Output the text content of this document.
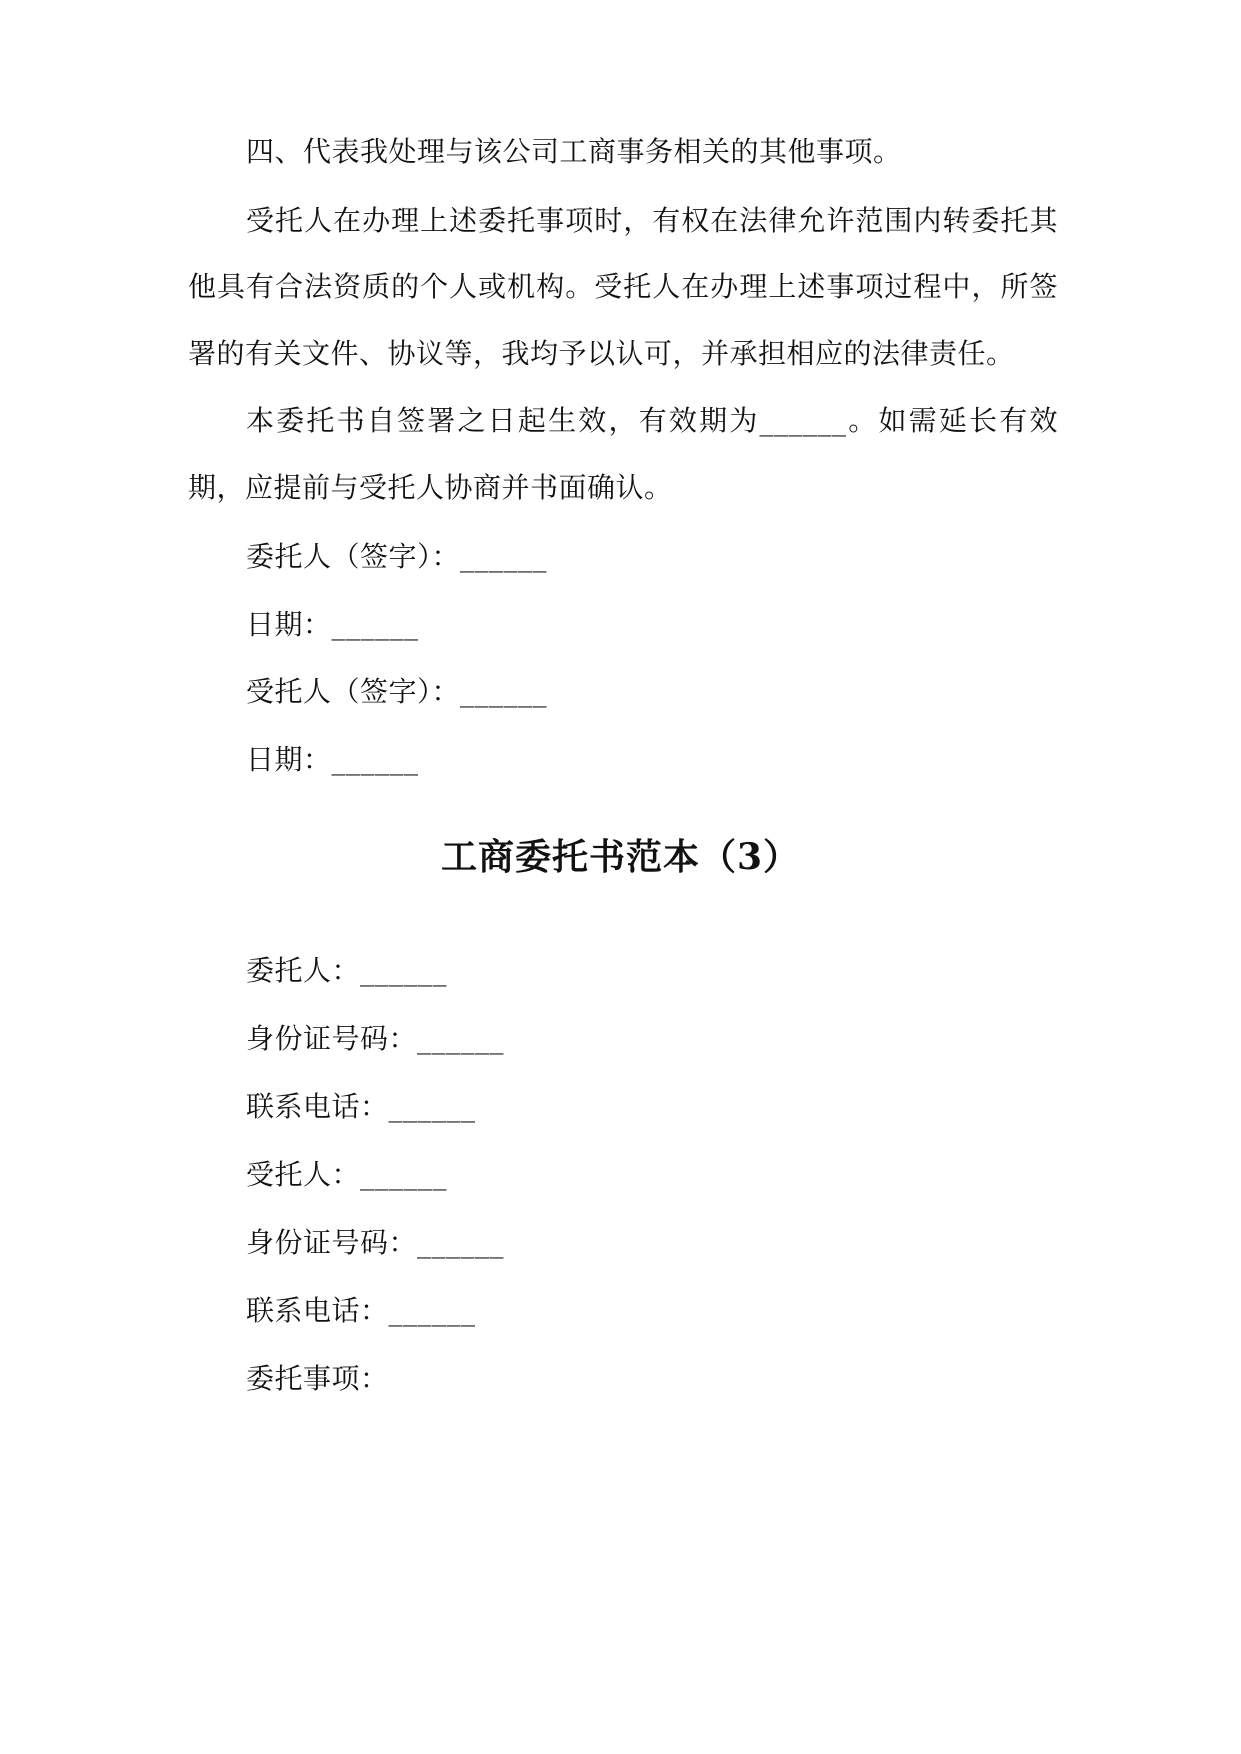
四、代表我处理与该公司工商事务相关的其他事项。
受托人在办理上述委托事项时，有权在法律允许范围内转委托其
他具有合法资质的个人或机构。受托人在办理上述事项过程中，所签
署的有关文件、协议等，我均予以认可，并承担相应的法律责任。
本委托书自签署之日起生效，有效期为______。如需延长有效
期，应提前与受托人协商并书面确认。
委托人（签字）：______
日期：______
受托人（签字）：______
日期：______
工商委托书范本（3）
委托人：______
身份证号码：______
联系电话：______
受托人：______
身份证号码：______
联系电话：______
委托事项：
